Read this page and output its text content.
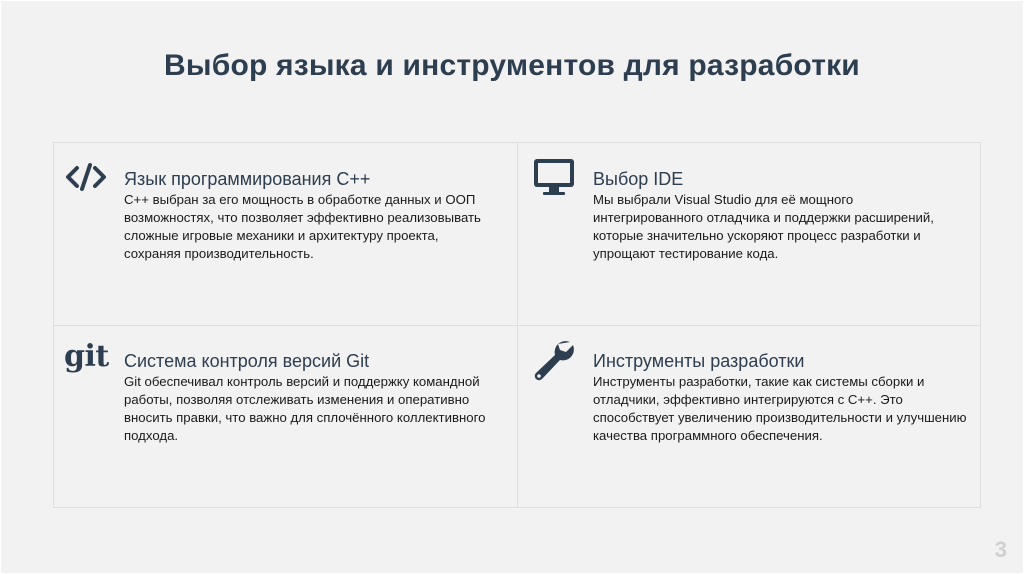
Выбор языка и инструментов для разработки
Язык программирования C++
C++ выбран за его мощность в обработке данных и ООП возможностях, что позволяет эффективно реализовывать сложные игровые механики и архитектуру проекта, сохраняя производительность.
Выбор IDE
Мы выбрали Visual Studio для её мощного интегрированного отладчика и поддержки расширений, которые значительно ускоряют процесс разработки и упрощают тестирование кода.
git Система контроля версий Git
Git обеспечивал контроль версий и поддержку командной работы, позволяя отслеживать изменения и оперативно вносить правки, что важно для сплочённого коллективного подхода.
Инструменты разработки
Инструменты разработки, такие как системы сборки и отладчики, эффективно интегрируются с C++. Это способствует увеличению производительности и улучшению качества программного обеспечения.
3
